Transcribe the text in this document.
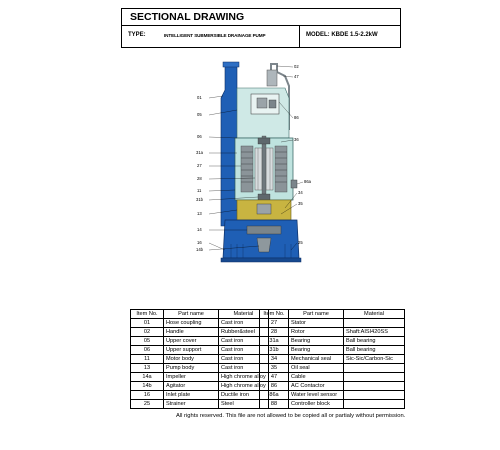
SECTIONAL DRAWING
TYPE:	INTELLIGENT SUBMERSIBLE DRAINAGE PUMP	MODEL: KBDE 1.5-2.2kW
01
05
06
31a
27
28
11
31b
13
14
16
14b
02
47
86
36
86a
34
35
25
Item No.	Part name	Material
01	Hose coupling	Cast iron
02	Handle	Rubber&steel
05	Upper cover	Cast iron
06	Upper support	Cast iron
11	Motor body	Cast iron
13	Pump body	Cast iron
14a	Impeller	High chrome alloy
14b	Agitator	High chrome alloy
16	Inlet plate	Ductile iron
25	Strainer	Steel
Item No.	Part name	Material
27	Stator	
28	Rotor	Shaft:AISI420SS
31a	Bearing	Ball bearing
31b	Bearing	Ball bearing
34	Mechanical seal	Sic-Sic/Carbon-Sic
35	Oil seal	
47	Cable	
86	AC Contactor	
86a	Water level sensor	
88	Controller block	
All rights reserved. This file are not allowed to be copied all or partialy without permission.
